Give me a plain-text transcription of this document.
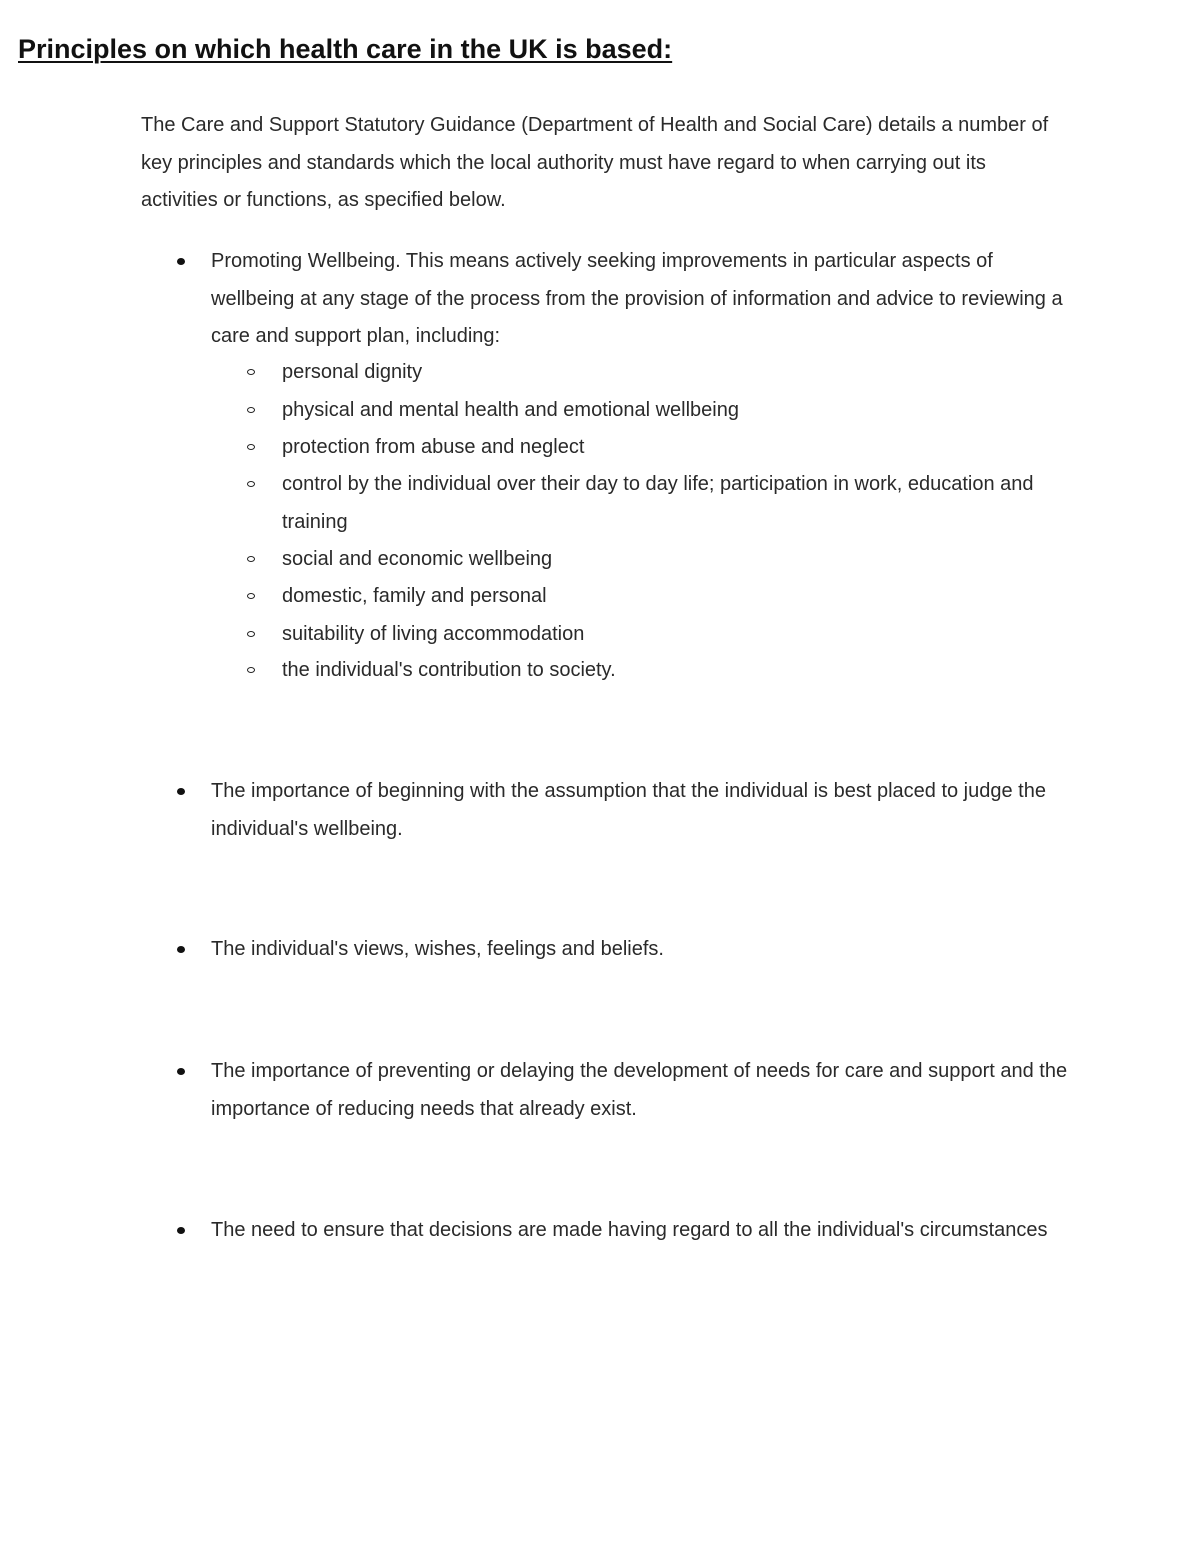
Principles on which health care in the UK is based:

The Care and Support Statutory Guidance (Department of Health and Social Care) details a number of key principles and standards which the local authority must have regard to when carrying out its activities or functions, as specified below.

Promoting Wellbeing. This means actively seeking improvements in particular aspects of wellbeing at any stage of the process from the provision of information and advice to reviewing a care and support plan, including:
personal dignity
physical and mental health and emotional wellbeing
protection from abuse and neglect
control by the individual over their day to day life; participation in work, education and training
social and economic wellbeing
domestic, family and personal
suitability of living accommodation
the individual's contribution to society.
The importance of beginning with the assumption that the individual is best placed to judge the individual's wellbeing.
The individual's views, wishes, feelings and beliefs.
The importance of preventing or delaying the development of needs for care and support and the importance of reducing needs that already exist.
The need to ensure that decisions are made having regard to all the individual's circumstances
